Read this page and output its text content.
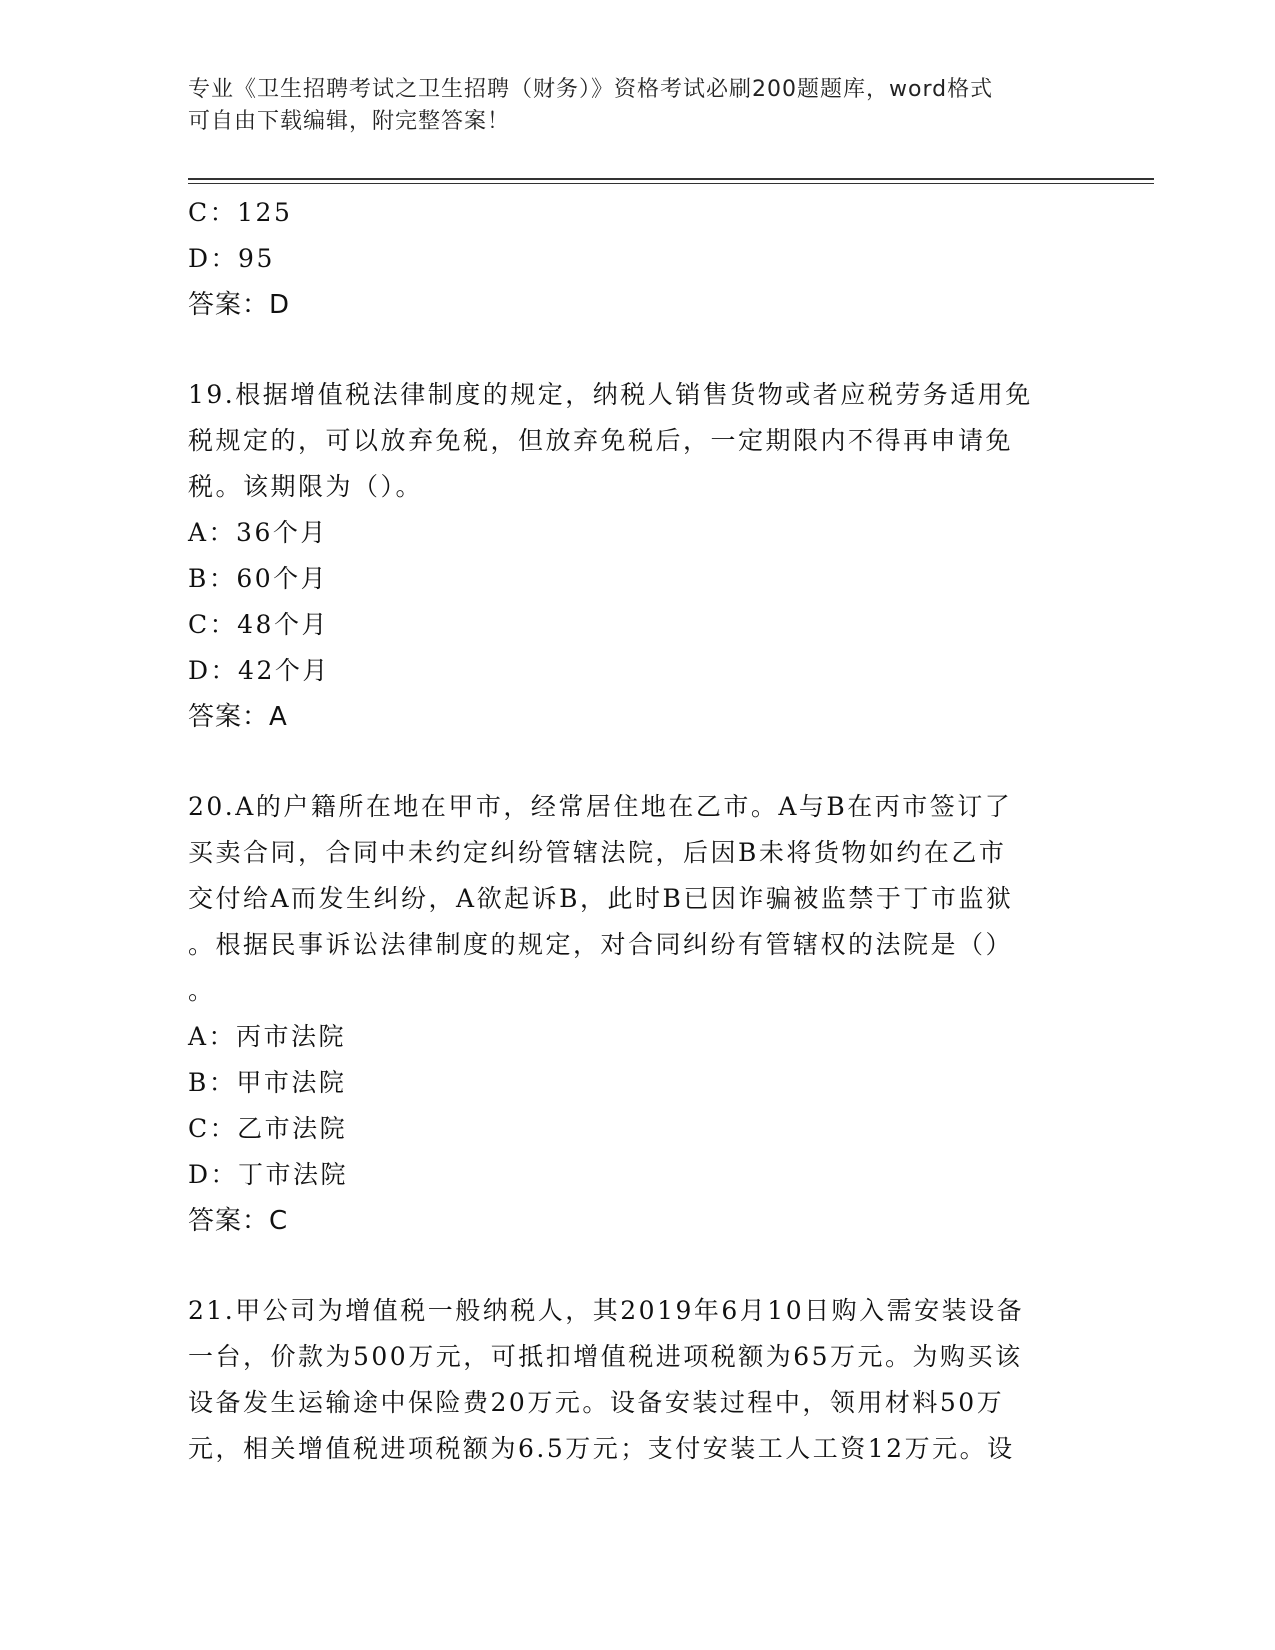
专业《卫生招聘考试之卫生招聘（财务）》资格考试必刷200题题库，word格式
可自由下载编辑，附完整答案！
C：125
D：95
答案：D
19.根据增值税法律制度的规定，纳税人销售货物或者应税劳务适用免
税规定的，可以放弃免税，但放弃免税后，一定期限内不得再申请免
税。该期限为（）。
A：36个月
B：60个月
C：48个月
D：42个月
答案：A
20.A的户籍所在地在甲市，经常居住地在乙市。A与B在丙市签订了
买卖合同，合同中未约定纠纷管辖法院，后因B未将货物如约在乙市
交付给A而发生纠纷，A欲起诉B，此时B已因诈骗被监禁于丁市监狱
。根据民事诉讼法律制度的规定，对合同纠纷有管辖权的法院是（）
。
A：丙市法院
B：甲市法院
C：乙市法院
D：丁市法院
答案：C
21.甲公司为增值税一般纳税人，其2019年6月10日购入需安装设备
一台，价款为500万元，可抵扣增值税进项税额为65万元。为购买该
设备发生运输途中保险费20万元。设备安装过程中，领用材料50万
元，相关增值税进项税额为6.5万元；支付安装工人工资12万元。设
